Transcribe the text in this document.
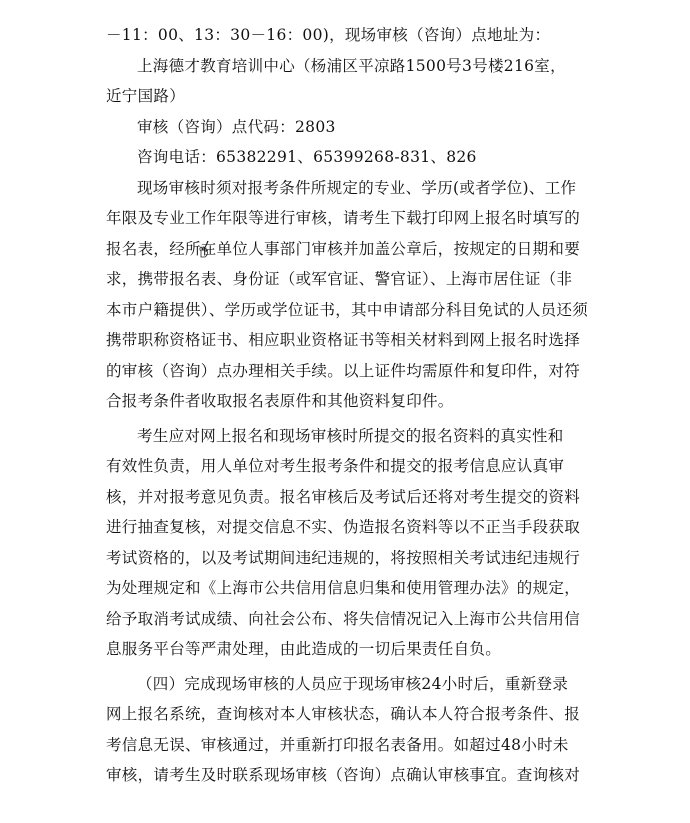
－11：00、13：30－16：00)，现场审核（咨询）点地址为：
上海德才教育培训中心（杨浦区平凉路1500号3号楼216室，
近宁国路）
审核（咨询）点代码：2803
咨询电话：65382291、65399268-831、826
现场审核时须对报考条件所规定的专业、学历(或者学位)、工作
年限及专业工作年限等进行审核，请考生下载打印网上报名时填写的
报名表，经所在单位人事部门审核并加盖公章后，按规定的日期和要
求，携带报名表、身份证（或军官证、警官证）、上海市居住证（非
本市户籍提供）、学历或学位证书，其中申请部分科目免试的人员还须
携带职称资格证书、相应职业资格证书等相关材料到网上报名时选择
的审核（咨询）点办理相关手续。以上证件均需原件和复印件，对符
合报考条件者收取报名表原件和其他资料复印件。
考生应对网上报名和现场审核时所提交的报名资料的真实性和
有效性负责，用人单位对考生报考条件和提交的报考信息应认真审
核，并对报考意见负责。报名审核后及考试后还将对考生提交的资料
进行抽查复核，对提交信息不实、伪造报名资料等以不正当手段获取
考试资格的，以及考试期间违纪违规的，将按照相关考试违纪违规行
为处理规定和《上海市公共信用信息归集和使用管理办法》的规定，
给予取消考试成绩、向社会公布、将失信情况记入上海市公共信用信
息服务平台等严肃处理，由此造成的一切后果责任自负。
（四）完成现场审核的人员应于现场审核24小时后，重新登录
网上报名系统，查询核对本人审核状态，确认本人符合报考条件、报
考信息无误、审核通过，并重新打印报名表备用。如超过48小时未
审核，请考生及时联系现场审核（咨询）点确认审核事宜。查询核对
